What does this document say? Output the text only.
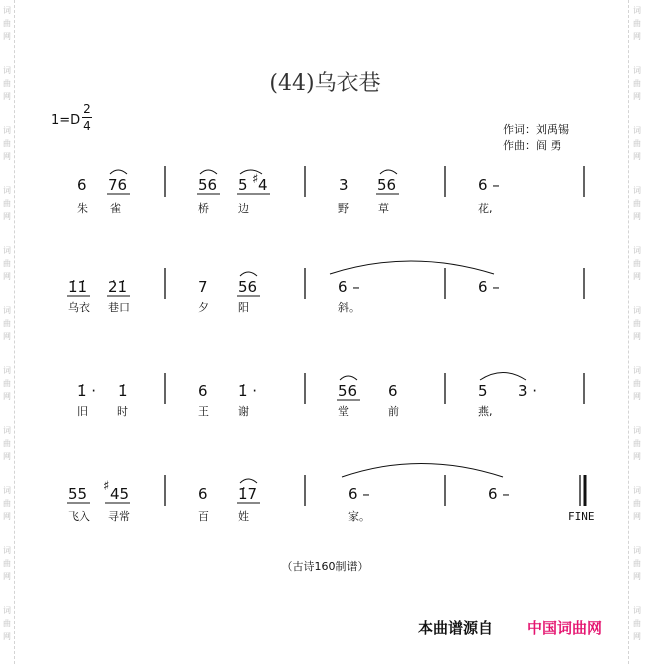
词
曲
网
词
曲
网
词
曲
网
词
曲
网
词
曲
网
词
曲
网
词
曲
网
词
曲
网
词
曲
网
词
曲
网
词
曲
网
词
曲
网
词
曲
网
词
曲
网
词
曲
网
词
曲
网
词
曲
网
词
曲
网
词
曲
网
词
曲
网
词
曲
网
词
曲
网
(44)乌衣巷
1=D
2
4	作词：刘禹锡
作曲：阎 勇
6 76	56 5 4	3 56	6 –
♯
朱 雀	桥	边	野	草	花,
1̇1̇ 2̇1̇	7 56	6 –	6 –
乌衣 巷口	夕	阳	斜。
1̇ · 1̇	6 1̇ ·	56 6	5 3 ·
旧	时	王	谢	堂	前	燕,
55 45
♯	6 1̇7	6 –	6 –
飞入 寻常	百	姓	家。	FINE
（古诗160制谱）
本曲谱源自 中国词曲网
